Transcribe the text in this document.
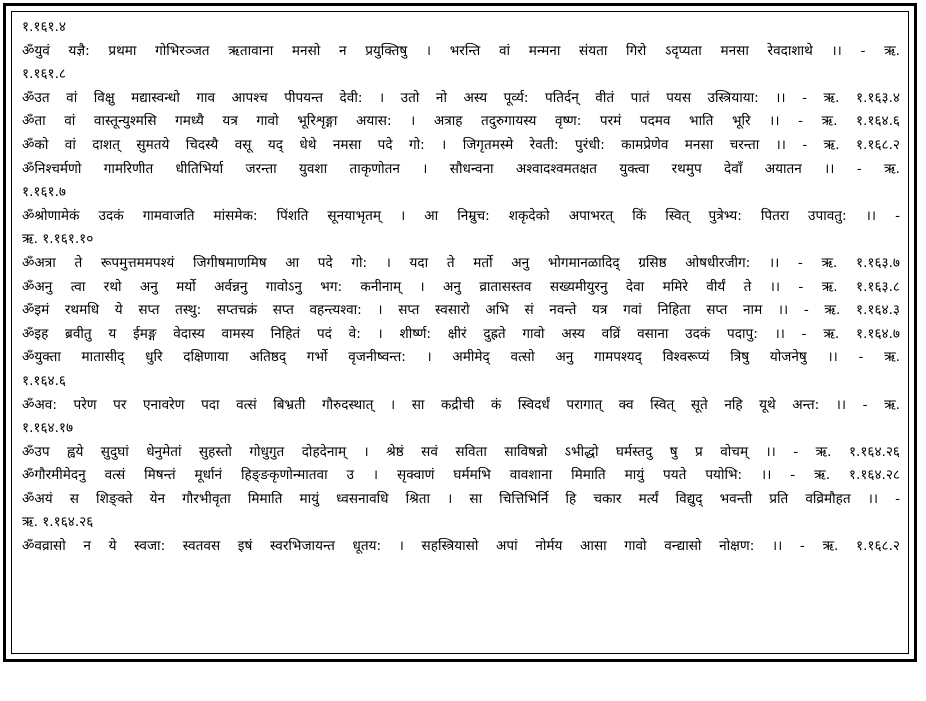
१.१६१.४
ॐयुवं यज्ञै: प्रथमा गोभिरञ्जत ऋतावाना मनसो न प्रयुक्तिषु । भरन्ति वां मन्मना संयता गिरो ऽदृप्यता मनसा रेवदाशाथे ।। - ऋ.
१.१६१.८
ॐउत वां विक्षु मद्यास्वन्धो गाव आपश्च पीपयन्त देवी: । उतो नो अस्य पूर्व्य: पतिर्दन् वीतं पातं पयस उस्त्रियाया: ।। - ऋ. १.१६३.४
ॐता वां वास्तून्युश्मसि गमध्यै यत्र गावो भूरिशृङ्गा अयास: । अत्राह तदुरुगायस्य वृष्ण: परमं पदमव भाति भूरि ।। - ऋ. १.१६४.६
ॐको वां दाशत् सुमतये चिदस्यै वसू यद् धेथे नमसा पदे गो: । जिगृतमस्मे रेवती: पुरंधी: कामप्रेणेव मनसा चरन्ता ।। - ऋ. १.१६८.२
ॐनिश्चर्मणो गामरिणीत धीतिभिर्या जरन्ता युवशा ताकृणोतन । सौधन्वना अश्वादश्वमतक्षत युक्त्वा रथमुप देवाँ अयातन ।। - ऋ.
१.१६१.७
ॐश्रोणामेकं उदकं गामवाजति मांसमेक: पिंशति सूनयाभृतम् । आ निम्रुच: शकृदेको अपाभरत् किं स्वित् पुत्रेभ्य: पितरा उपावतु: ।। -
ऋ. १.१६१.१०
ॐअत्रा ते रूपमुत्तममपश्यं जिगीषमाणमिष आ पदे गो: । यदा ते मर्तो अनु भोगमानळादिद् ग्रसिष्ठ ओषधीरजीग: ।। - ऋ. १.१६३.७
ॐअनु त्वा रथो अनु मर्यो अर्वन्ननु गावोऽनु भग: कनीनाम् । अनु व्रातासस्तव सख्यमीयुरनु देवा ममिरे वीर्यं ते ।। - ऋ. १.१६३.८
ॐइमं रथमधि ये सप्त तस्थु: सप्तचक्रं सप्त वहन्त्यश्वा: । सप्त स्वसारो अभि सं नवन्ते यत्र गवां निहिता सप्त नाम ।। - ऋ. १.१६४.३
ॐइह ब्रवीतु य ईमङ्ग वेदास्य वामस्य निहितं पदं वे: । शीर्ष्ण: क्षीरं दुह्रते गावो अस्य वव्रिं वसाना उदकं पदापु: ।। - ऋ. १.१६४.७
ॐयुक्ता मातासीद् धुरि दक्षिणाया अतिष्ठद् गर्भो वृजनीष्वन्त: । अमीमेद् वत्सो अनु गामपश्यद् विश्वरूप्यं त्रिषु योजनेषु ।। - ऋ.
१.१६४.६
ॐअव: परेण पर एनावरेण पदा वत्सं बिभ्रती गौरुदस्थात् । सा कद्रीची कं स्विदर्धं परागात् क्व स्वित् सूते नहि यूथे अन्त: ।। - ऋ.
१.१६४.१७
ॐउप ह्वये सुदुघां धेनुमेतां सुहस्तो गोधुगुत दोहदेनाम् । श्रेष्ठं सवं सविता साविषन्नो ऽभीद्धो घर्मस्तदु षु प्र वोचम् ।। - ऋ. १.१६४.२६
ॐगौरमीमेदनु वत्सं मिषन्तं मूर्धानं हिङ्ङकृणोन्मातवा उ । सृक्वाणं घर्ममभि वावशाना मिमाति मायुं पयते पयोभि: ।। - ऋ. १.१६४.२८
ॐअयं स शिङ्क्ते येन गौरभीवृता मिमाति मायुं ध्वसनावधि श्रिता । सा चित्तिभिर्नि हि चकार मर्त्यं विद्युद् भवन्ती प्रति वव्रिमौहत ।। -
ऋ. १.१६४.२६
ॐवव्रासो न ये स्वजा: स्वतवस इषं स्वरभिजायन्त धूतय: । सहस्त्रियासो अपां नोर्मय आसा गावो वन्द्यासो नोक्षण: ।। - ऋ. १.१६८.२
